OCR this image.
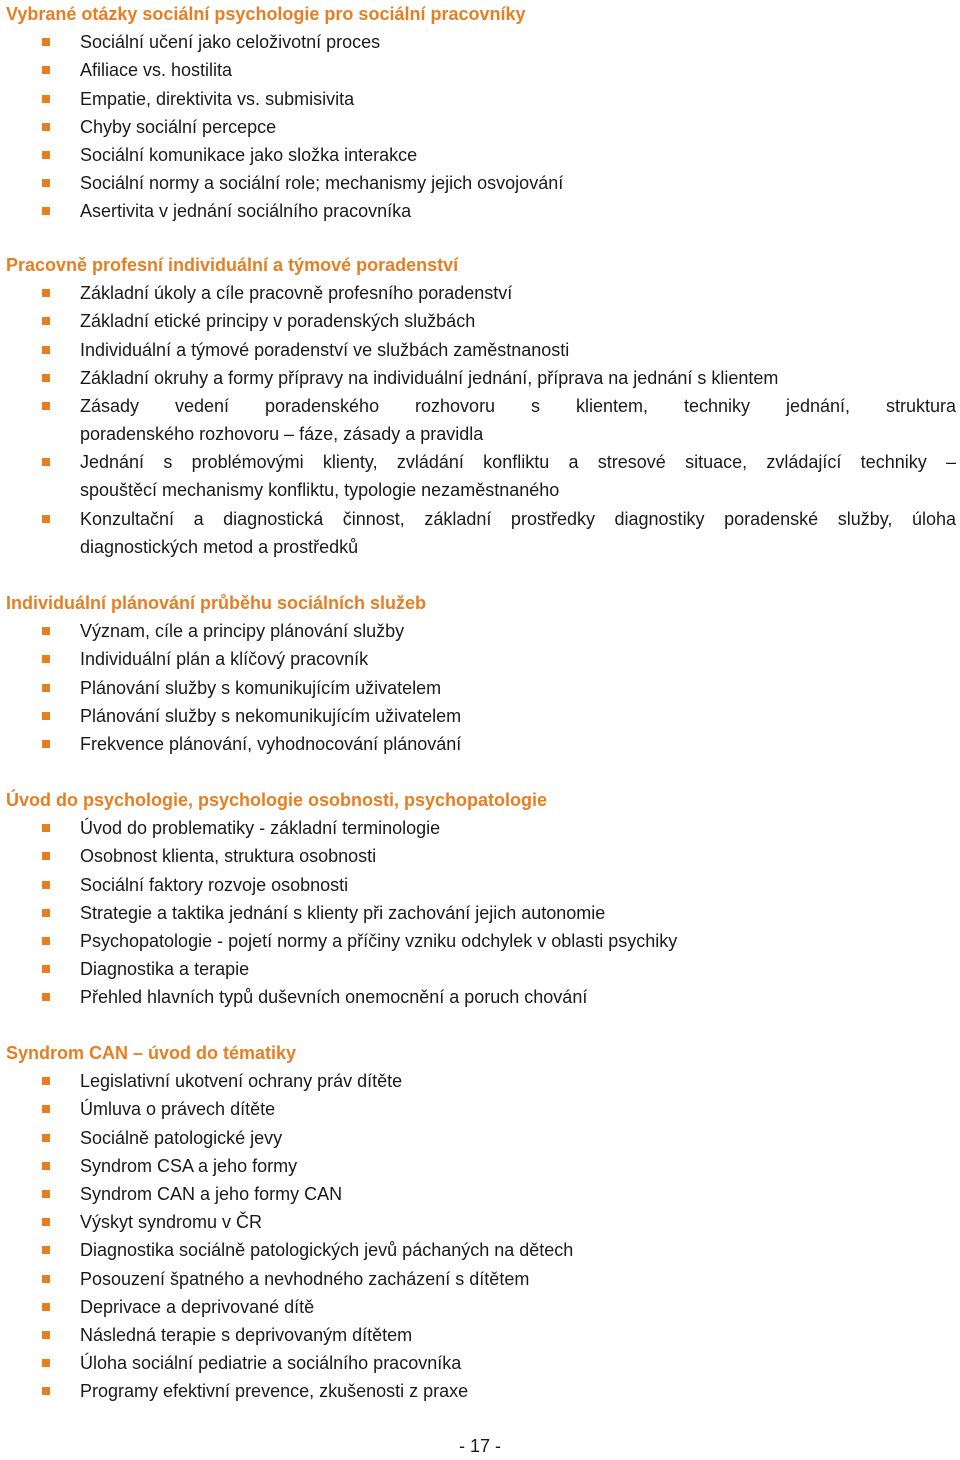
Vybrané otázky sociální psychologie pro sociální pracovníky
Sociální učení jako celoživotní proces
Afiliace vs. hostilita
Empatie, direktivita vs. submisivita
Chyby sociální percepce
Sociální komunikace jako složka interakce
Sociální normy a sociální role; mechanismy jejich osvojování
Asertivita v jednání sociálního pracovníka
Pracovně profesní individuální a týmové poradenství
Základní úkoly a cíle pracovně profesního poradenství
Základní etické principy v poradenských službách
Individuální a týmové poradenství ve službách zaměstnanosti
Základní okruhy a formy přípravy na individuální jednání, příprava na jednání s klientem
Zásady vedení poradenského rozhovoru s klientem, techniky jednání, struktura
poradenského rozhovoru – fáze, zásady a pravidla
Jednání s problémovými klienty, zvládání konfliktu a stresové situace, zvládající techniky –
spouštěcí mechanismy konfliktu, typologie nezaměstnaného
Konzultační a diagnostická činnost, základní prostředky diagnostiky poradenské služby, úloha
diagnostických metod a prostředků
Individuální plánování průběhu sociálních služeb
Význam, cíle a principy plánování služby
Individuální plán a klíčový pracovník
Plánování služby s komunikujícím uživatelem
Plánování služby s nekomunikujícím uživatelem
Frekvence plánování, vyhodnocování plánování
Úvod do psychologie, psychologie osobnosti, psychopatologie
Úvod do problematiky - základní terminologie
Osobnost klienta, struktura osobnosti
Sociální faktory rozvoje osobnosti
Strategie a taktika jednání s klienty při zachování jejich autonomie
Psychopatologie - pojetí normy a příčiny vzniku odchylek v oblasti psychiky
Diagnostika a terapie
Přehled hlavních typů duševních onemocnění a poruch chování
Syndrom CAN – úvod do tématiky
Legislativní ukotvení ochrany práv dítěte
Úmluva o právech dítěte
Sociálně patologické jevy
Syndrom CSA a jeho formy
Syndrom CAN a jeho formy CAN
Výskyt syndromu v ČR
Diagnostika sociálně patologických jevů páchaných na dětech
Posouzení špatného a nevhodného zacházení s dítětem
Deprivace a deprivované dítě
Následná terapie s deprivovaným dítětem
Úloha sociální pediatrie a sociálního pracovníka
Programy efektivní prevence, zkušenosti z praxe
- 17 -
